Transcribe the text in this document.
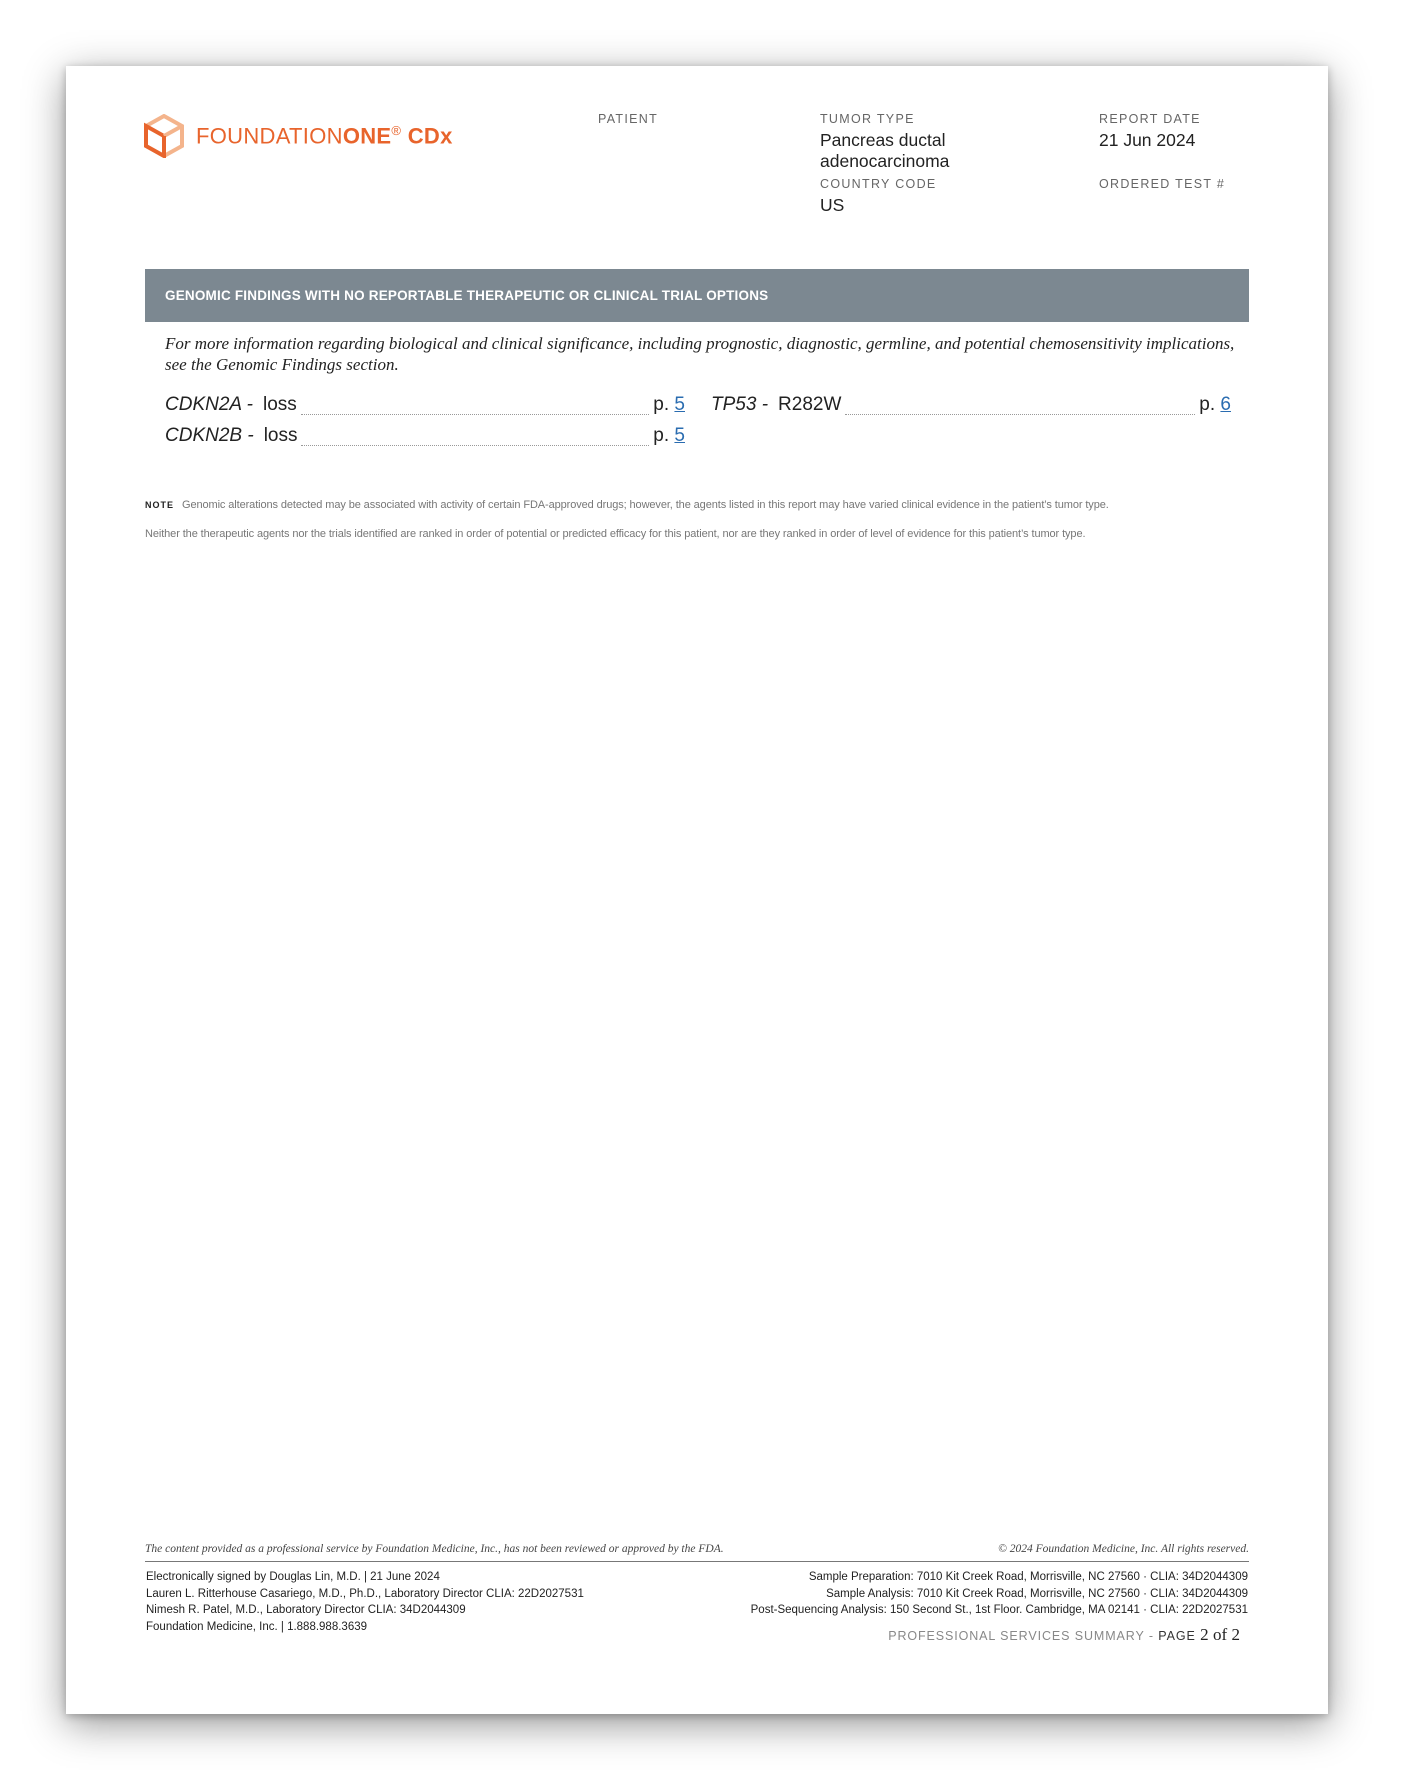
FOUNDATIONONE® CDx
PATIENT	TUMOR TYPE
Pancreas ductal
adenocarcinoma
COUNTRY CODE
US
REPORT DATE
21 Jun 2024
ORDERED TEST #
GENOMIC FINDINGS WITH NO REPORTABLE THERAPEUTIC OR CLINICAL TRIAL OPTIONS
For more information regarding biological and clinical significance, including prognostic, diagnostic, germline, and potential chemosensitivity implications, see the Genomic Findings section.
CDKN2A - loss	p. 5
CDKN2B - loss	p. 5
TP53 - R282W	p. 6
NOTE Genomic alterations detected may be associated with activity of certain FDA-approved drugs; however, the agents listed in this report may have varied clinical evidence in the patient’s tumor type.
Neither the therapeutic agents nor the trials identified are ranked in order of potential or predicted efficacy for this patient, nor are they ranked in order of level of evidence for this patient’s tumor type.
The content provided as a professional service by Foundation Medicine, Inc., has not been reviewed or approved by the FDA.	© 2024 Foundation Medicine, Inc. All rights reserved.
Electronically signed by Douglas Lin, M.D. | 21 June 2024
Lauren L. Ritterhouse Casariego, M.D., Ph.D., Laboratory Director CLIA: 22D2027531
Nimesh R. Patel, M.D., Laboratory Director CLIA: 34D2044309
Foundation Medicine, Inc. | 1.888.988.3639
Sample Preparation: 7010 Kit Creek Road, Morrisville, NC 27560 · CLIA: 34D2044309
Sample Analysis: 7010 Kit Creek Road, Morrisville, NC 27560 · CLIA: 34D2044309
Post-Sequencing Analysis: 150 Second St., 1st Floor. Cambridge, MA 02141 · CLIA: 22D2027531
PROFESSIONAL SERVICES SUMMARY - PAGE 2 of 2
